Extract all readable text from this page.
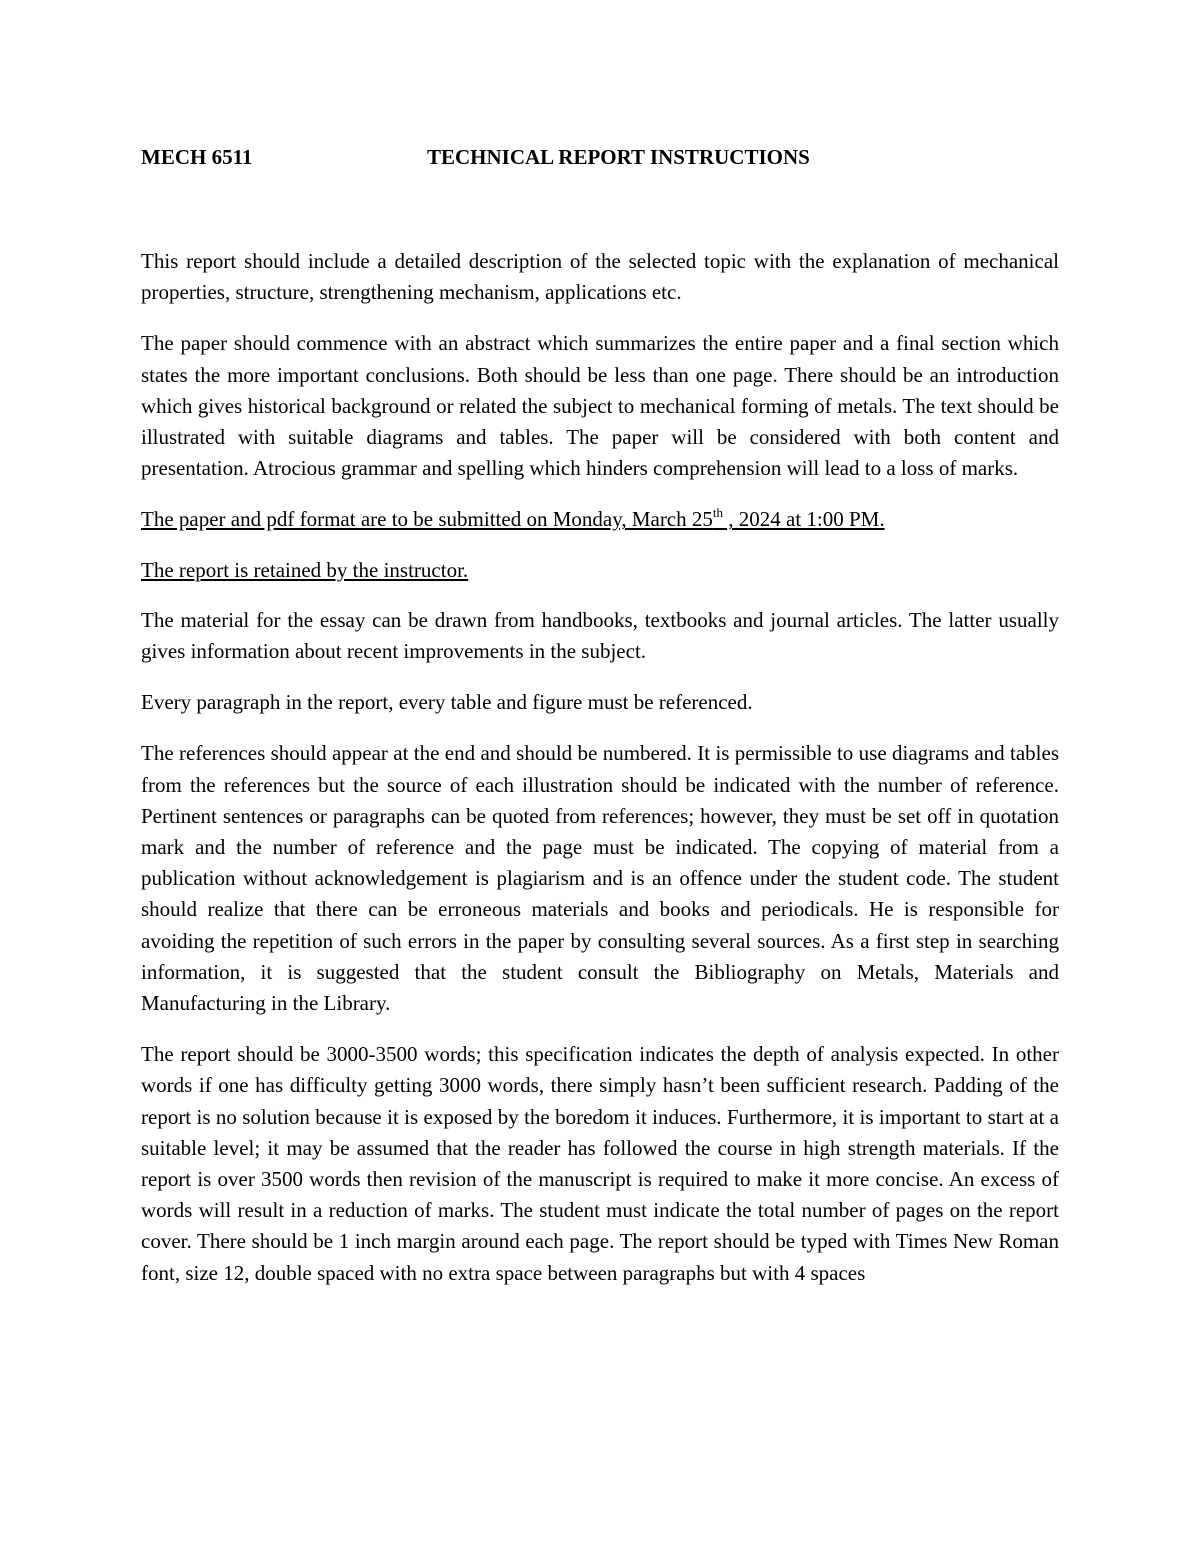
MECH 6511	TECHNICAL REPORT INSTRUCTIONS

This report should include a detailed description of the selected topic with the explanation of mechanical properties, structure, strengthening mechanism, applications etc.

The paper should commence with an abstract which summarizes the entire paper and a final section which states the more important conclusions. Both should be less than one page. There should be an introduction which gives historical background or related the subject to mechanical forming of metals. The text should be illustrated with suitable diagrams and tables. The paper will be considered with both content and presentation. Atrocious grammar and spelling which hinders comprehension will lead to a loss of marks.

The paper and pdf format are to be submitted on Monday, March 25th , 2024 at 1:00 PM.

The report is retained by the instructor.

The material for the essay can be drawn from handbooks, textbooks and journal articles. The latter usually gives information about recent improvements in the subject.

Every paragraph in the report, every table and figure must be referenced.

The references should appear at the end and should be numbered. It is permissible to use diagrams and tables from the references but the source of each illustration should be indicated with the number of reference. Pertinent sentences or paragraphs can be quoted from references; however, they must be set off in quotation mark and the number of reference and the page must be indicated. The copying of material from a publication without acknowledgement is plagiarism and is an offence under the student code. The student should realize that there can be erroneous materials and books and periodicals. He is responsible for avoiding the repetition of such errors in the paper by consulting several sources. As a first step in searching information, it is suggested that the student consult the Bibliography on Metals, Materials and Manufacturing in the Library.

The report should be 3000-3500 words; this specification indicates the depth of analysis expected. In other words if one has difficulty getting 3000 words, there simply hasn’t been sufficient research. Padding of the report is no solution because it is exposed by the boredom it induces. Furthermore, it is important to start at a suitable level; it may be assumed that the reader has followed the course in high strength materials. If the report is over 3500 words then revision of the manuscript is required to make it more concise. An excess of words will result in a reduction of marks. The student must indicate the total number of pages on the report cover. There should be 1 inch margin around each page. The report should be typed with Times New Roman font, size 12, double spaced with no extra space between paragraphs but with 4 spaces
